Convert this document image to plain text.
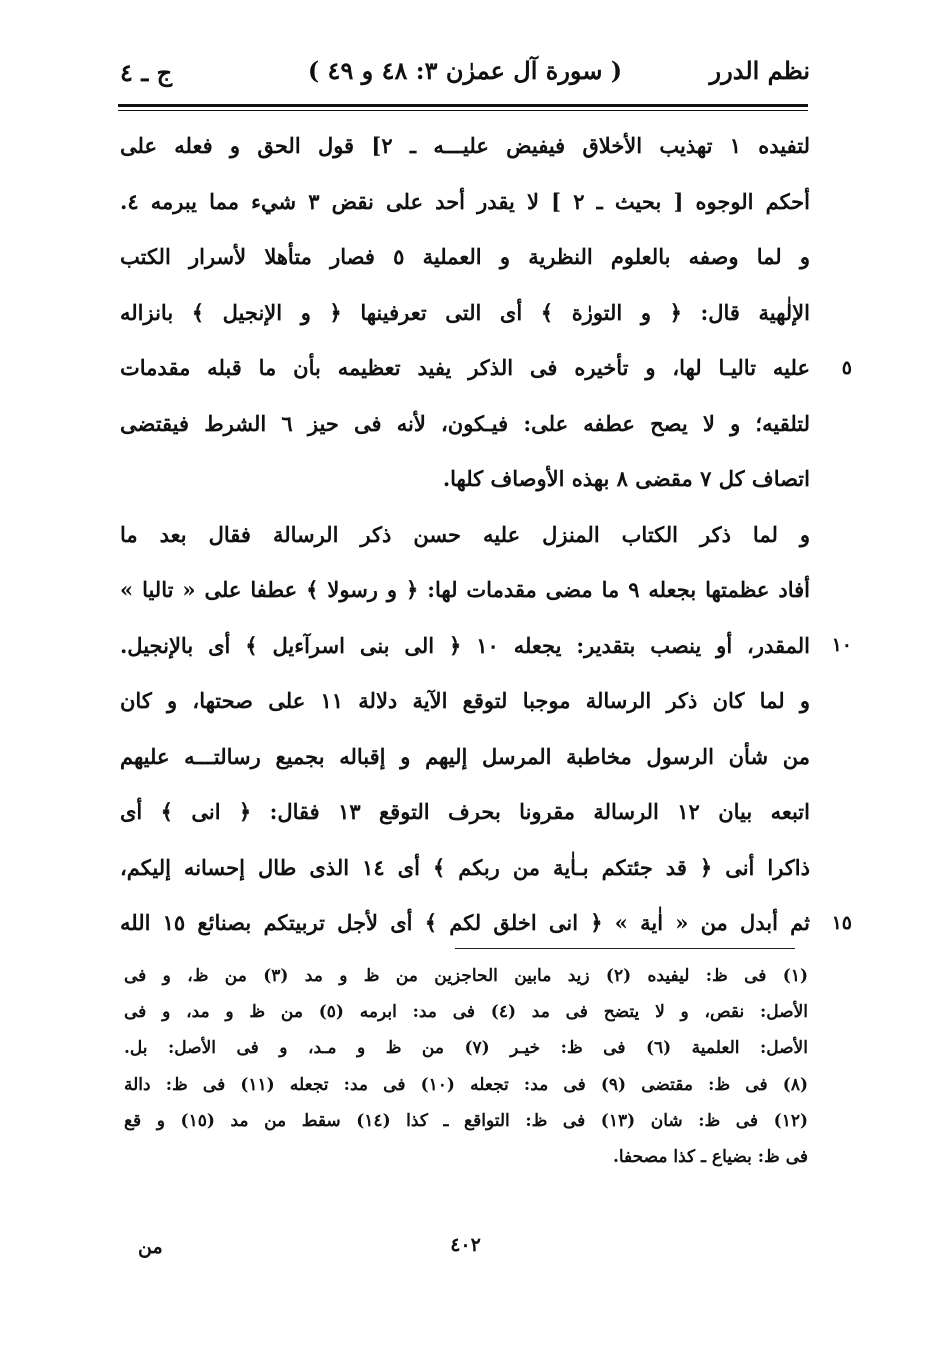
نظم الدرر
( سورة آل عمرٰن ٣: ٤٨ و ٤٩ )
ج ـ ٤
لتفيده ١ تهذيب الأخلاق فيفيض عليـــه ـ ٢] قول الحق و فعله على
أحكم الوجوه [ بحيث ـ ٢ ] لا يقدر أحد على نقض ٣ شيء مما يبرمه ٤.
و لما وصفه بالعلوم النظرية و العملية ٥ فصار متأهلا لأسرار الكتب
الإلٰهية قال: ﴿ و التورٰة ﴾ أى التى تعرفينها ﴿ و الإنجيل ﴾ بانزاله
٥
عليه تاليـا لها، و تأخيره فى الذكر يفيد تعظيمه بأن ما قبله مقدمات
لتلقيه؛ و لا يصح عطفه على: فيـكون، لأنه فى حيز ٦ الشرط فيقتضى
اتصاف كل ٧ مقضى ٨ بهذه الأوصاف كلها.
و لما ذكر الكتاب المنزل عليه حسن ذكر الرسالة فقال بعد ما
أفاد عظمتها بجعله ٩ ما مضى مقدمات لها: ﴿ و رسولا ﴾ عطفا على « تاليا »
١٠
المقدر، أو ينصب بتقدير: يجعله ١٠ ﴿ الى بنى اسرآءيل ﴾ أى بالإنجيل.
و لما كان ذكر الرسالة موجبا لتوقع الآية دلالة ١١ على صحتها، و كان
من شأن الرسول مخاطبة المرسل إليهم و إقباله بجميع رسالتـــه عليهم
اتبعه بيان ١٢ الرسالة مقرونا بحرف التوقع ١٣ فقال: ﴿ انى ﴾ أى
ذاكرا أنى ﴿ قد جئتكم بـاٰية من ربكم ﴾ أى ١٤ الذى طال إحسانه إليكم،
١٥
ثم أبدل من « اٰية » ﴿ انى اخلق لكم ﴾ أى لأجل تربيتكم بصنائع ١٥ الله
(١) فى ظ: ليفيده (٢) زيد مابين الحاجزين من ظ و مد (٣) من ظ، و فى
الأصل: نقص، و لا يتضح فى مد (٤) فى مد: ابرمه (٥) من ظ و مد، و فى
الأصل: العلمية (٦) فى ظ: خيـر (٧) من ظ و مـد، و فى الأصل: بل.
(٨) فى ظ: مقتضى (٩) فى مد: تجعله (١٠) فى مد: تجعله (١١) فى ظ: دالة
(١٢) فى ظ: شان (١٣) فى ظ: التواقع ـ كذا (١٤) سقط من مد (١٥) و قع
فى ظ: بضياع ـ كذا مصحفا.
٤٠٢
من
